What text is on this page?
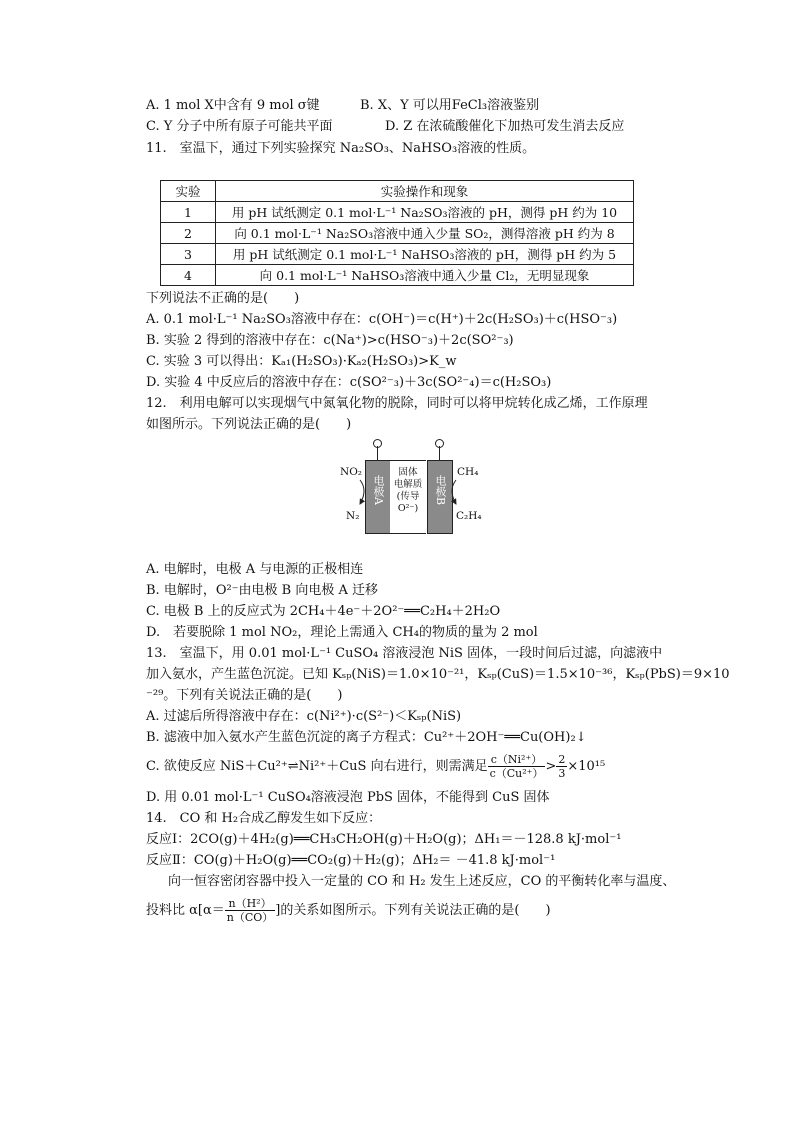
A. 1 mol X中含有 9 mol σ键	B. X、Y 可以用FeCl₃溶液鉴别
C. Y 分子中所有原子可能共平面	D. Z 在浓硫酸催化下加热可发生消去反应
11.　室温下，通过下列实验探究 Na₂SO₃、NaHSO₃溶液的性质。
实验	实验操作和现象
1	用 pH 试纸测定 0.1 mol·L⁻¹ Na₂SO₃溶液的 pH，测得 pH 约为 10
2	向 0.1 mol·L⁻¹ Na₂SO₃溶液中通入少量 SO₂，测得溶液 pH 约为 8
3	用 pH 试纸测定 0.1 mol·L⁻¹ NaHSO₃溶液的 pH，测得 pH 约为 5
4	向 0.1 mol·L⁻¹ NaHSO₃溶液中通入少量 Cl₂，无明显现象
下列说法不正确的是(　　)
A. 0.1 mol·L⁻¹ Na₂SO₃溶液中存在：c(OH⁻)＝c(H⁺)＋2c(H₂SO₃)＋c(HSO⁻₃)
B. 实验 2 得到的溶液中存在：c(Na⁺)>c(HSO⁻₃)＋2c(SO²⁻₃)
C. 实验 3 可以得出：Kₐ₁(H₂SO₃)·Kₐ₂(H₂SO₃)>K_w
D. 实验 4 中反应后的溶液中存在：c(SO²⁻₃)＋3c(SO²⁻₄)＝c(H₂SO₃)
12.　利用电解可以实现烟气中氮氧化物的脱除，同时可以将甲烷转化成乙烯，工作原理
如图所示。下列说法正确的是(　　)
电极A
固体
电解质
(传导
O²⁻)
电极B
NO₂
N₂
CH₄
C₂H₄
A. 电解时，电极 A 与电源的正极相连
B. 电解时，O²⁻由电极 B 向电极 A 迁移
C. 电极 B 上的反应式为 2CH₄＋4e⁻＋2O²⁻══C₂H₄＋2H₂O
D.　若要脱除 1 mol NO₂，理论上需通入 CH₄的物质的量为 2 mol
13.　室温下，用 0.01 mol·L⁻¹ CuSO₄ 溶液浸泡 NiS 固体，一段时间后过滤，向滤液中
加入氨水，产生蓝色沉淀。已知 Kₛₚ(NiS)＝1.0×10⁻²¹，Kₛₚ(CuS)＝1.5×10⁻³⁶，Kₛₚ(PbS)＝9×10
⁻²⁹。下列有关说法正确的是(　　)
A. 过滤后所得溶液中存在：c(Ni²⁺)·c(S²⁻)＜Kₛₚ(NiS)
B. 滤液中加入氨水产生蓝色沉淀的离子方程式：Cu²⁺＋2OH⁻══Cu(OH)₂↓
C. 欲使反应 NiS＋Cu²⁺⇌Ni²⁺＋CuS 向右进行，则需满足 $\frac{\text{c（Ni²⁺）}}{\text{c（Cu²⁺）}} > \frac{2}{3} \times 10^{15}$
D. 用 0.01 mol·L⁻¹ CuSO₄溶液浸泡 PbS 固体，不能得到 CuS 固体
14.　CO 和 H₂合成乙醇发生如下反应：
反应Ⅰ：2CO(g)＋4H₂(g)══CH₃CH₂OH(g)＋H₂O(g)；ΔH₁＝－128.8 kJ·mol⁻¹
反应Ⅱ：CO(g)＋H₂O(g)══CO₂(g)＋H₂(g)；ΔH₂＝ －41.8 kJ·mol⁻¹
向一恒容密闭容器中投入一定量的 CO 和 H₂ 发生上述反应，CO 的平衡转化率与温度、
投料比 $\alpha[\alpha= \frac{\text{n（H²）}}{n(CO)}$ ]的关系如图所示。下列有关说法正确的是(　　)
